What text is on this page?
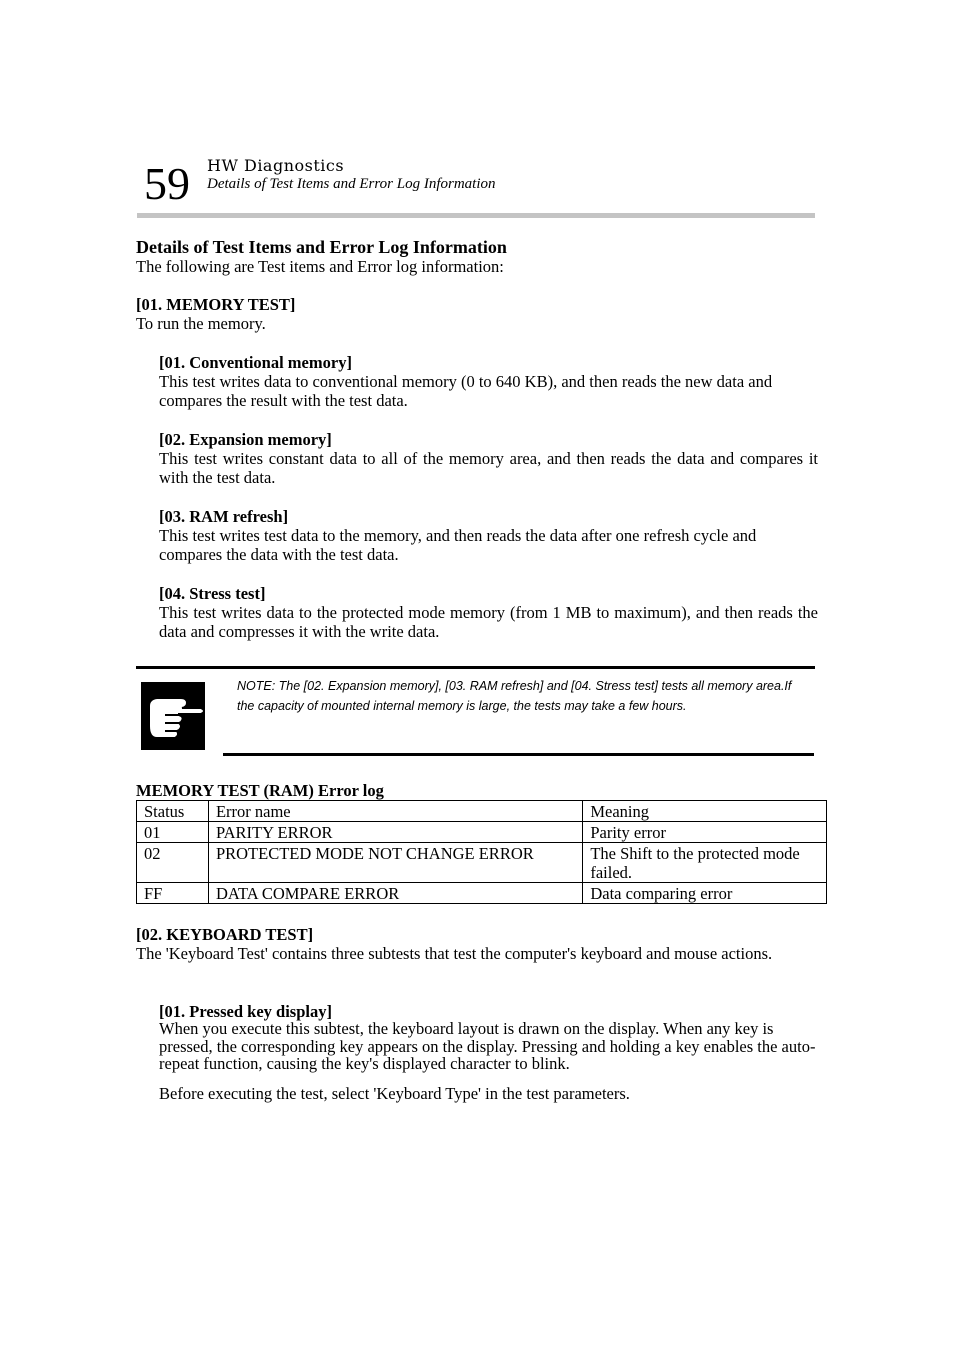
59 HW Diagnostics
Details of Test Items and Error Log Information
Details of Test Items and Error Log Information
The following are Test items and Error log information:
[01. MEMORY TEST]
To run the memory.
[01. Conventional memory]
This test writes data to conventional memory (0 to 640 KB), and then reads the new data and compares the result with the test data.
[02. Expansion memory]
This test writes constant data to all of the memory area, and then reads the data and compares it with the test data.
[03. RAM refresh]
This test writes test data to the memory, and then reads the data after one refresh cycle and compares the data with the test data.
[04. Stress test]
This test writes data to the protected mode memory (from 1 MB to maximum), and then reads the data and compresses it with the write data.
NOTE: The [02. Expansion memory], [03. RAM refresh] and [04. Stress test] tests all memory area.If
the capacity of mounted internal memory is large, the tests may take a few hours.
MEMORY TEST (RAM) Error log
Status	Error name	Meaning
01	PARITY ERROR	Parity error
02	PROTECTED MODE NOT CHANGE ERROR	The Shift to the protected mode failed.
FF	DATA COMPARE ERROR	Data comparing error
[02. KEYBOARD TEST]
The 'Keyboard Test' contains three subtests that test the computer's keyboard and mouse actions.
[01. Pressed key display]
When you execute this subtest, the keyboard layout is drawn on the display. When any key is pressed, the corresponding key appears on the display. Pressing and holding a key enables the auto-repeat function, causing the key's displayed character to blink.
Before executing the test, select 'Keyboard Type' in the test parameters.
